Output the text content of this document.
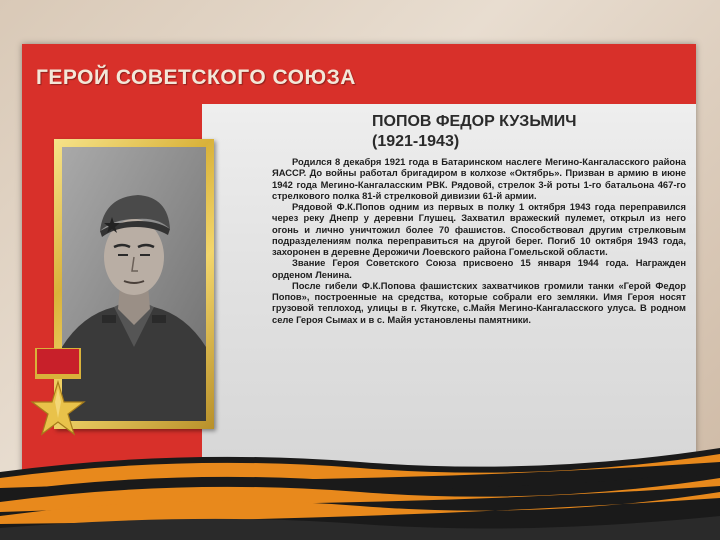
ГЕРОЙ СОВЕТСКОГО СОЮЗА
ПОПОВ ФЕДОР КУЗЬМИЧ
(1921-1943)

Родился 8 декабря 1921 года в Батаринском наслеге Мегино-Кангаласского района ЯАССР. До войны работал бригадиром в колхозе «Октябрь». Призван в армию в июне 1942 года Мегино-Кангаласским РВК. Рядовой, стрелок 3-й роты 1-го батальона 467-го стрелкового полка 81-й стрелковой дивизии 61-й армии.

Рядовой Ф.К.Попов одним из первых в полку 1 октября 1943 года переправился через реку Днепр у деревни Глушец. Захватил вражеский пулемет, открыл из него огонь и лично уничтожил более 70 фашистов. Способствовал другим стрелковым подразделениям полка переправиться на другой берег. Погиб 10 октября 1943 года, захоронен в деревне Дерожичи Лоевского района Гомельской области.

Звание Героя Советского Союза присвоено 15 января 1944 года. Награжден орденом Ленина.

После гибели Ф.К.Попова фашистских захватчиков громили танки «Герой Федор Попов», построенные на средства, которые собрали его земляки. Имя Героя носят грузовой теплоход, улицы в г. Якутске, с.Майя Мегино-Кангаласского улуса. В родном селе Героя Сымах и в с. Майя установлены памятники.
